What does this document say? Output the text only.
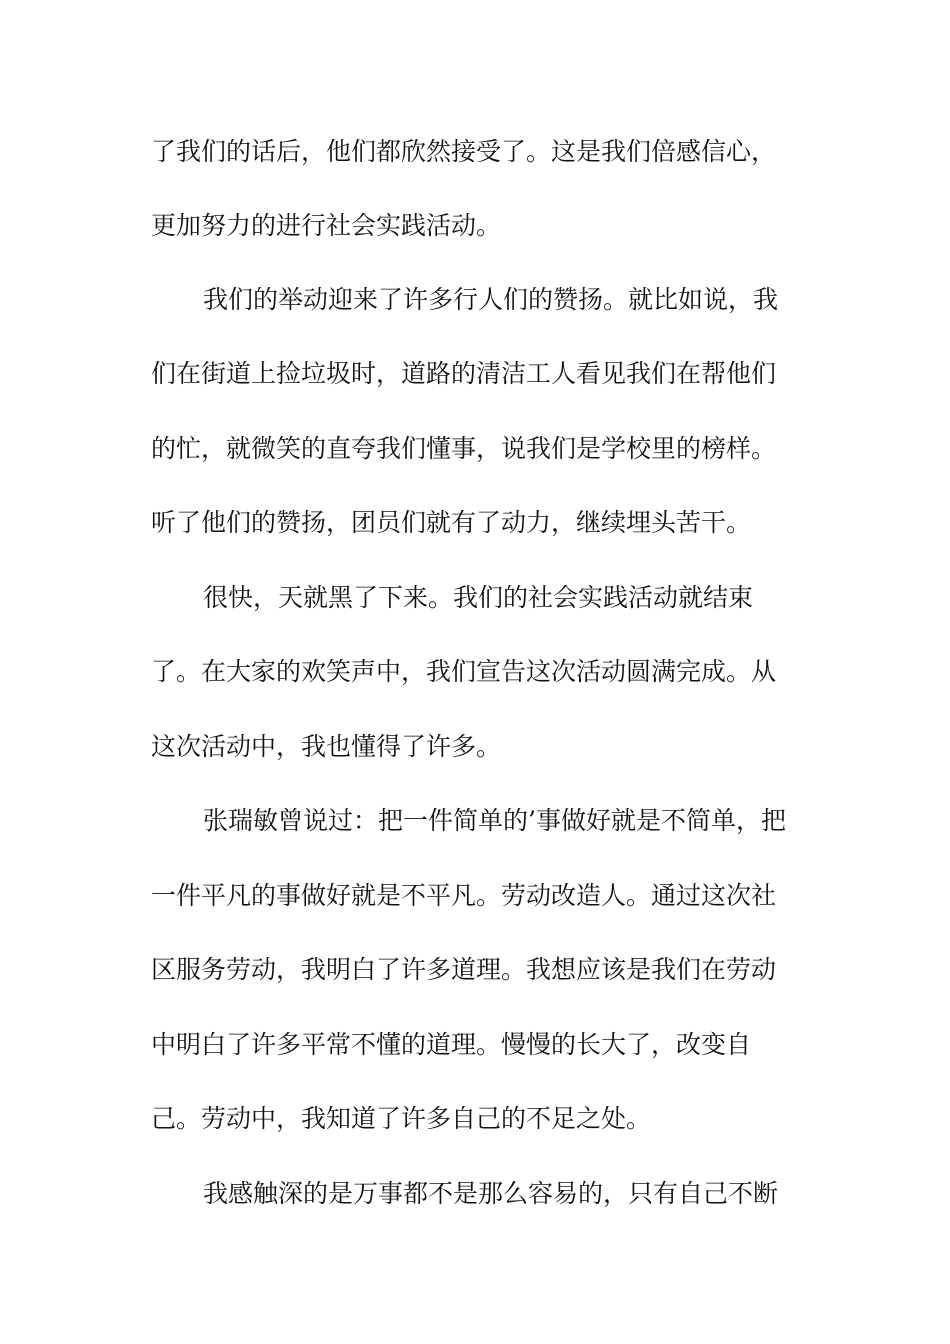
了我们的话后，他们都欣然接受了。这是我们倍感信心，
更加努力的进行社会实践活动。
我们的举动迎来了许多行人们的赞扬。就比如说，我
们在街道上捡垃圾时，道路的清洁工人看见我们在帮他们
的忙，就微笑的直夸我们懂事，说我们是学校里的榜样。
听了他们的赞扬，团员们就有了动力，继续埋头苦干。
很快，天就黑了下来。我们的社会实践活动就结束
了。在大家的欢笑声中，我们宣告这次活动圆满完成。从
这次活动中，我也懂得了许多。
张瑞敏曾说过：把一件简单的’事做好就是不简单，把
一件平凡的事做好就是不平凡。劳动改造人。通过这次社
区服务劳动，我明白了许多道理。我想应该是我们在劳动
中明白了许多平常不懂的道理。慢慢的长大了，改变自
己。劳动中，我知道了许多自己的不足之处。
我感触深的是万事都不是那么容易的，只有自己不断
